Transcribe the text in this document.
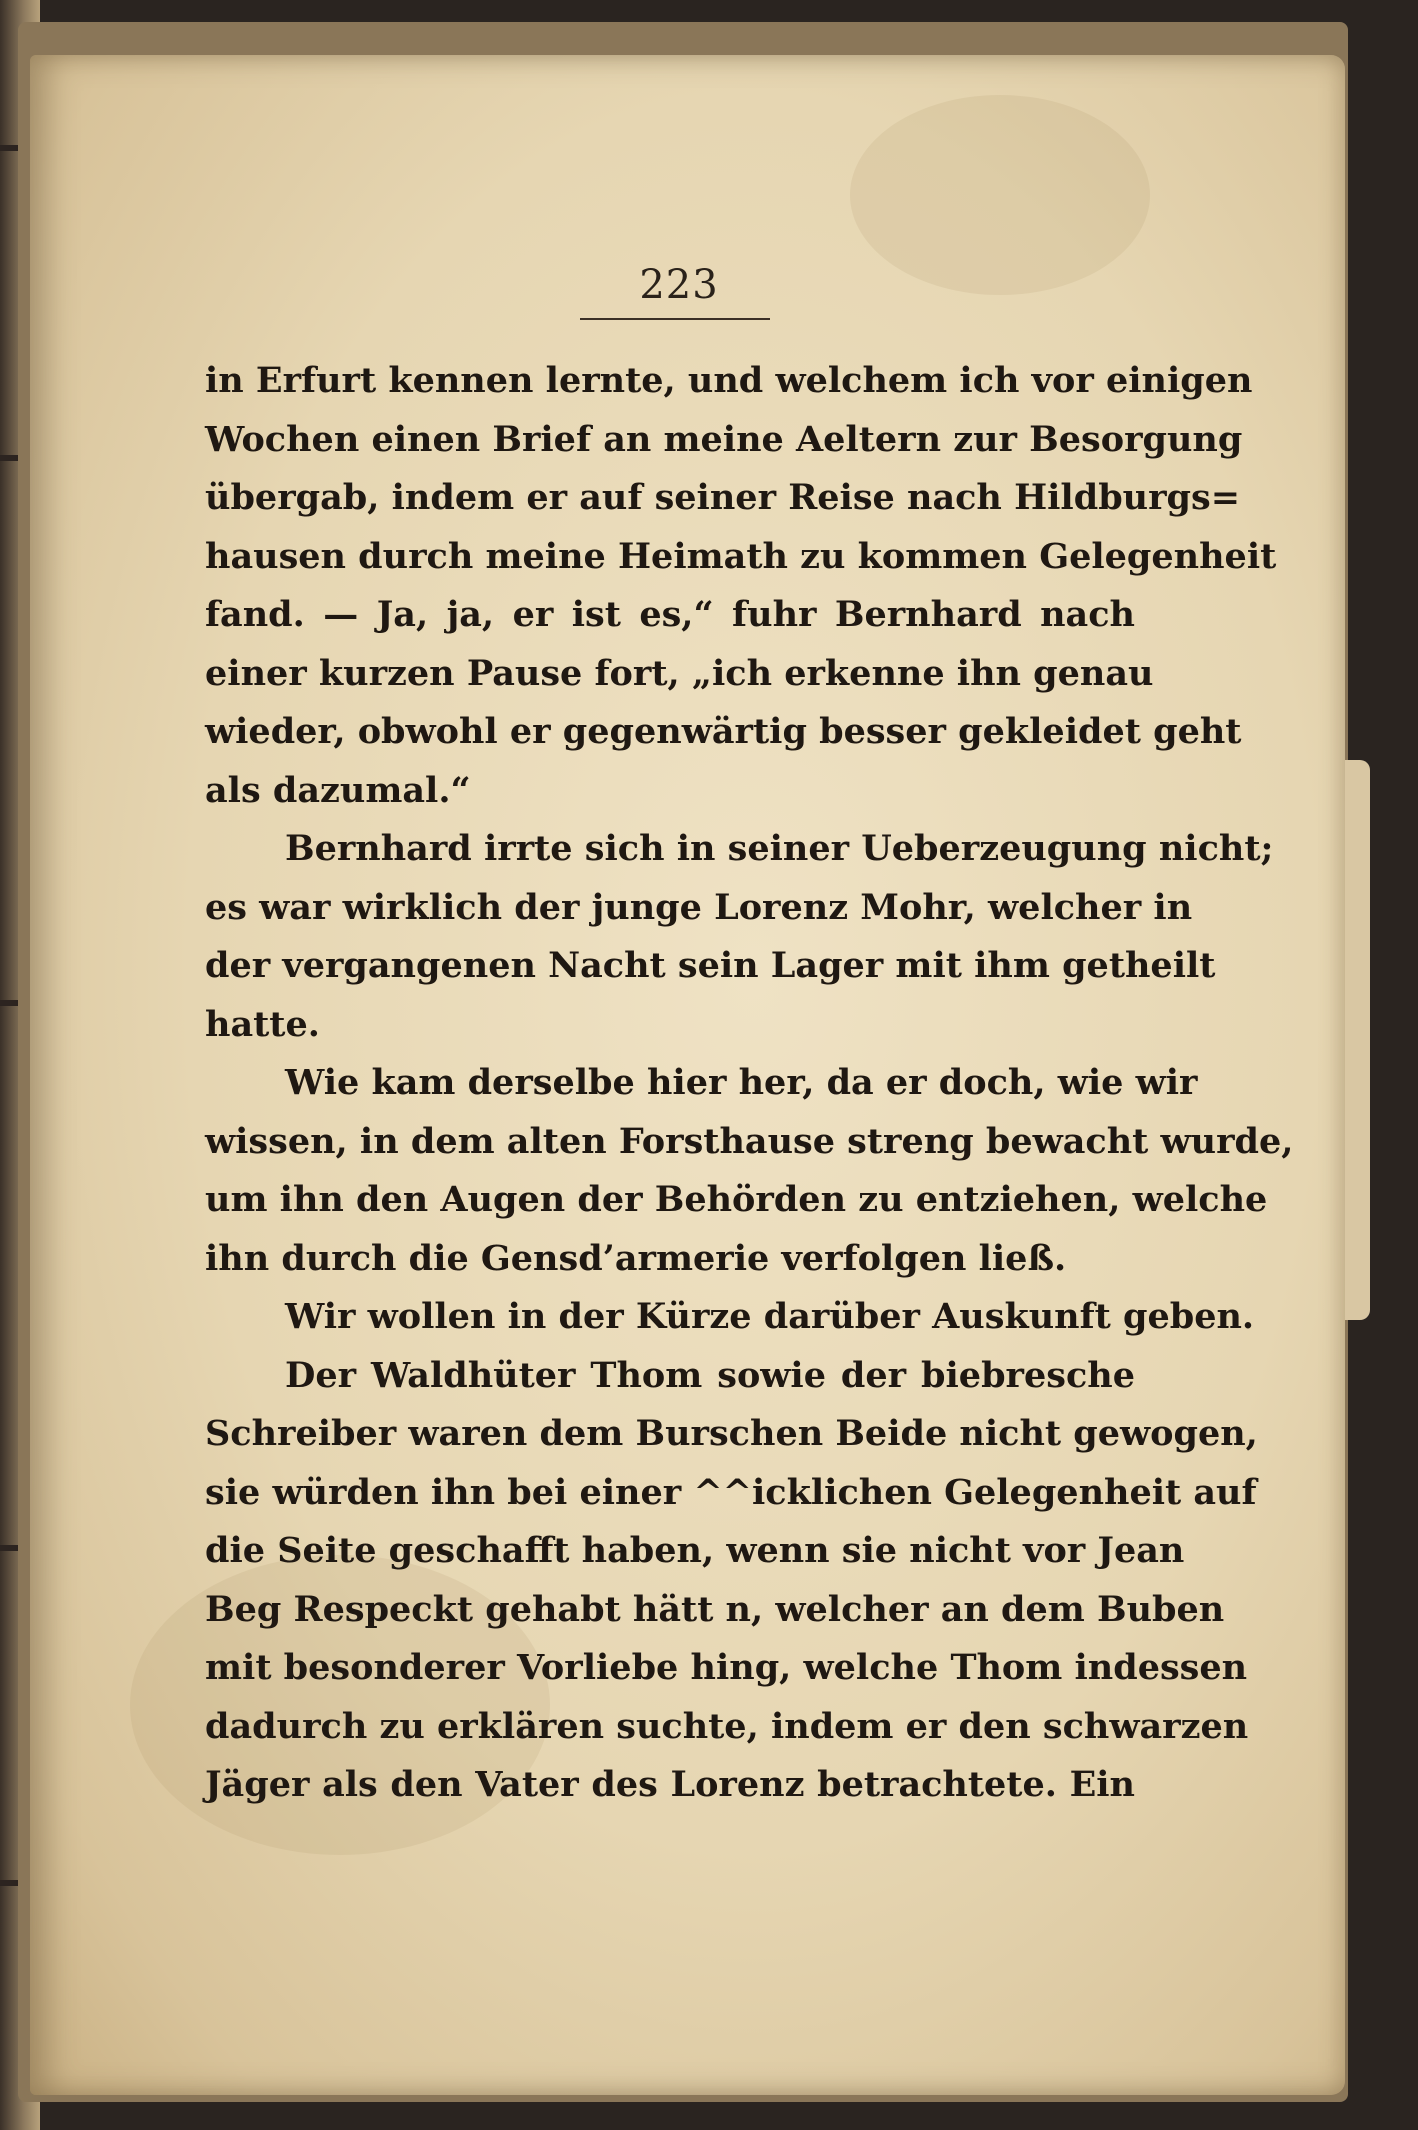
223
in Erfurt kennen lernte, und welchem ich vor einigen
Wochen einen Brief an meine Aeltern zur Besorgung
übergab, indem er auf seiner Reise nach Hildburgs=
hausen durch meine Heimath zu kommen Gelegenheit
fand. — Ja, ja, er ist es,“ fuhr Bernhard nach
einer kurzen Pause fort, „ich erkenne ihn genau
wieder, obwohl er gegenwärtig besser gekleidet geht
als dazumal.“
Bernhard irrte sich in seiner Ueberzeugung nicht;
es war wirklich der junge Lorenz Mohr, welcher in
der vergangenen Nacht sein Lager mit ihm getheilt
hatte.
Wie kam derselbe hier her, da er doch, wie wir
wissen, in dem alten Forsthause streng bewacht wurde,
um ihn den Augen der Behörden zu entziehen, welche
ihn durch die Gensd’armerie verfolgen ließ.
Wir wollen in der Kürze darüber Auskunft geben.
Der Waldhüter Thom sowie der biebresche
Schreiber waren dem Burschen Beide nicht gewogen,
sie würden ihn bei einer ^^icklichen Gelegenheit auf
die Seite geschafft haben, wenn sie nicht vor Jean
Beg Respeckt gehabt hätt n, welcher an dem Buben
mit besonderer Vorliebe hing, welche Thom indessen
dadurch zu erklären suchte, indem er den schwarzen
Jäger als den Vater des Lorenz betrachtete. Ein
